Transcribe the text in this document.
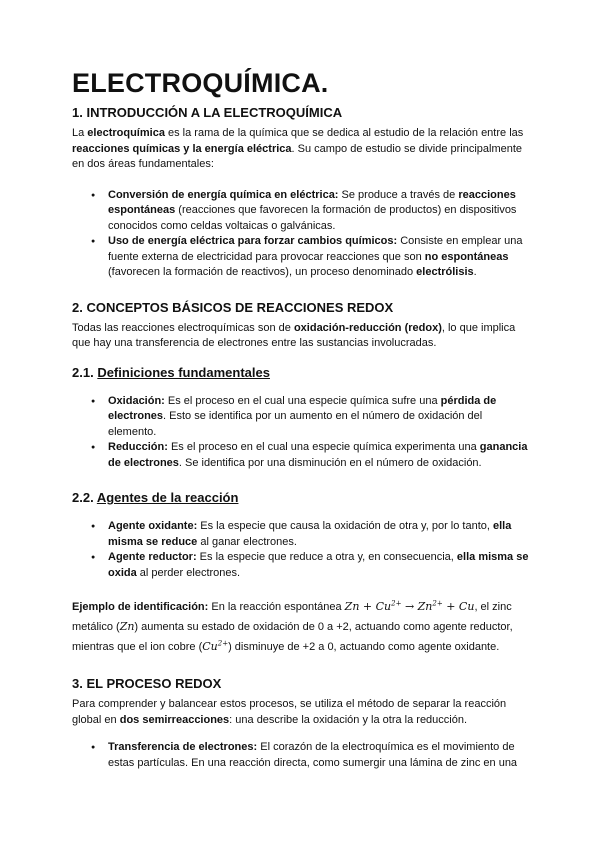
ELECTROQUÍMICA.
1. INTRODUCCIÓN A LA ELECTROQUÍMICA

La electroquímica es la rama de la química que se dedica al estudio de la relación entre las reacciones químicas y la energía eléctrica. Su campo de estudio se divide principalmente en dos áreas fundamentales:

● Conversión de energía química en eléctrica: Se produce a través de reacciones espontáneas (reacciones que favorecen la formación de productos) en dispositivos conocidos como celdas voltaicas o galvánicas.
● Uso de energía eléctrica para forzar cambios químicos: Consiste en emplear una fuente externa de electricidad para provocar reacciones que son no espontáneas (favorecen la formación de reactivos), un proceso denominado electrólisis.
2. CONCEPTOS BÁSICOS DE REACCIONES REDOX

Todas las reacciones electroquímicas son de oxidación-reducción (redox), lo que implica que hay una transferencia de electrones entre las sustancias involucradas.

2.1. Definiciones fundamentales
● Oxidación: Es el proceso en el cual una especie química sufre una pérdida de electrones. Esto se identifica por un aumento en el número de oxidación del elemento.
● Reducción: Es el proceso en el cual una especie química experimenta una ganancia de electrones. Se identifica por una disminución en el número de oxidación.
2.2. Agentes de la reacción
● Agente oxidante: Es la especie que causa la oxidación de otra y, por lo tanto, ella misma se reduce al ganar electrones.
● Agente reductor: Es la especie que reduce a otra y, en consecuencia, ella misma se oxida al perder electrones.

Ejemplo de identificación: En la reacción espontánea $Zn + Cu^{2+} \to Zn^{2+} + Cu$, el zinc metálico (Zn) aumenta su estado de oxidación de 0 a +2, actuando como agente reductor, mientras que el ion cobre $(Cu^{2+})$ disminuye de +2 a 0, actuando como agente oxidante.

3. EL PROCESO REDOX

Para comprender y balancear estos procesos, se utiliza el método de separar la reacción global en dos semirreacciones: una describe la oxidación y la otra la reducción.

● Transferencia de electrones: El corazón de la electroquímica es el movimiento de estas partículas. En una reacción directa, como sumergir una lámina de zinc en una
